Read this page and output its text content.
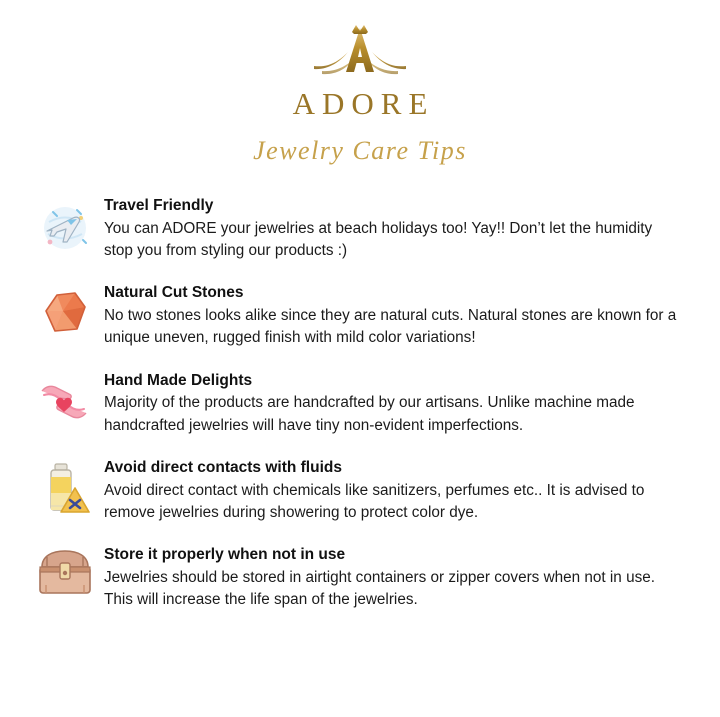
ADORE
Jewelry Care Tips

Travel Friendly

You can ADORE your jewelries at beach holidays too! Yay!! Don’t let the humidity stop you from styling our products :)

Natural Cut Stones

No two stones looks alike since they are natural cuts. Natural stones are known for a unique uneven, rugged finish with mild color variations!

Hand Made Delights

Majority of the products are handcrafted by our artisans. Unlike machine made handcrafted jewelries will have tiny non-evident imperfections.

Avoid direct contacts with fluids

Avoid direct contact with chemicals like sanitizers, perfumes etc.. It is advised to remove jewelries during showering to protect color dye.

Store it properly when not in use

Jewelries should be stored in airtight containers or zipper covers when not in use. This will increase the life span of the jewelries.
